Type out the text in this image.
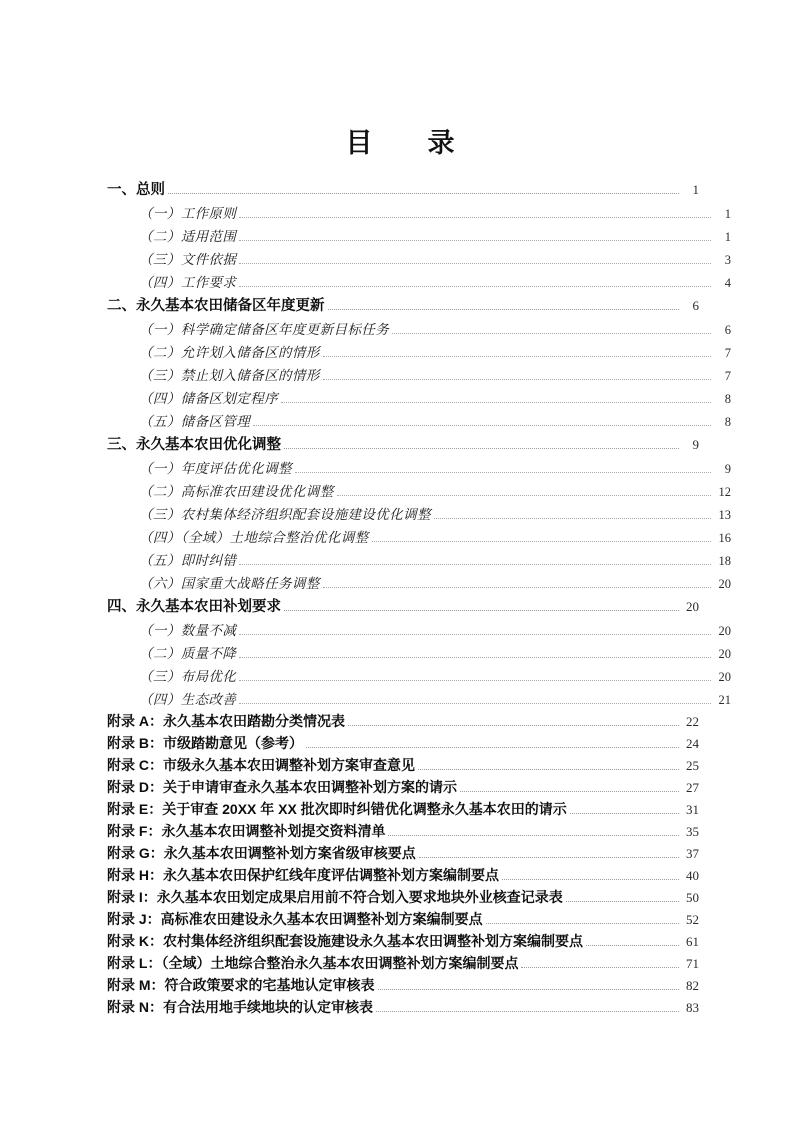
目　录
一、总则	1
（一）工作原则	1
（二）适用范围	1
（三）文件依据	3
（四）工作要求	4
二、永久基本农田储备区年度更新	6
（一）科学确定储备区年度更新目标任务	6
（二）允许划入储备区的情形	7
（三）禁止划入储备区的情形	7
（四）储备区划定程序	8
（五）储备区管理	8
三、永久基本农田优化调整	9
（一）年度评估优化调整	9
（二）高标准农田建设优化调整	12
（三）农村集体经济组织配套设施建设优化调整	13
（四）（全域）土地综合整治优化调整	16
（五）即时纠错	18
（六）国家重大战略任务调整	20
四、永久基本农田补划要求	20
（一）数量不减	20
（二）质量不降	20
（三）布局优化	20
（四）生态改善	21
附录 A：永久基本农田踏勘分类情况表	22
附录 B：市级踏勘意见（参考）	24
附录 C：市级永久基本农田调整补划方案审查意见	25
附录 D：关于申请审查永久基本农田调整补划方案的请示	27
附录 E：关于审查 20XX 年 XX 批次即时纠错优化调整永久基本农田的请示	31
附录 F：永久基本农田调整补划提交资料清单	35
附录 G：永久基本农田调整补划方案省级审核要点	37
附录 H：永久基本农田保护红线年度评估调整补划方案编制要点	40
附录 I：永久基本农田划定成果启用前不符合划入要求地块外业核查记录表	50
附录 J：高标准农田建设永久基本农田调整补划方案编制要点	52
附录 K：农村集体经济组织配套设施建设永久基本农田调整补划方案编制要点	61
附录 L：（全域）土地综合整治永久基本农田调整补划方案编制要点	71
附录 M：符合政策要求的宅基地认定审核表	82
附录 N：有合法用地手续地块的认定审核表	83
